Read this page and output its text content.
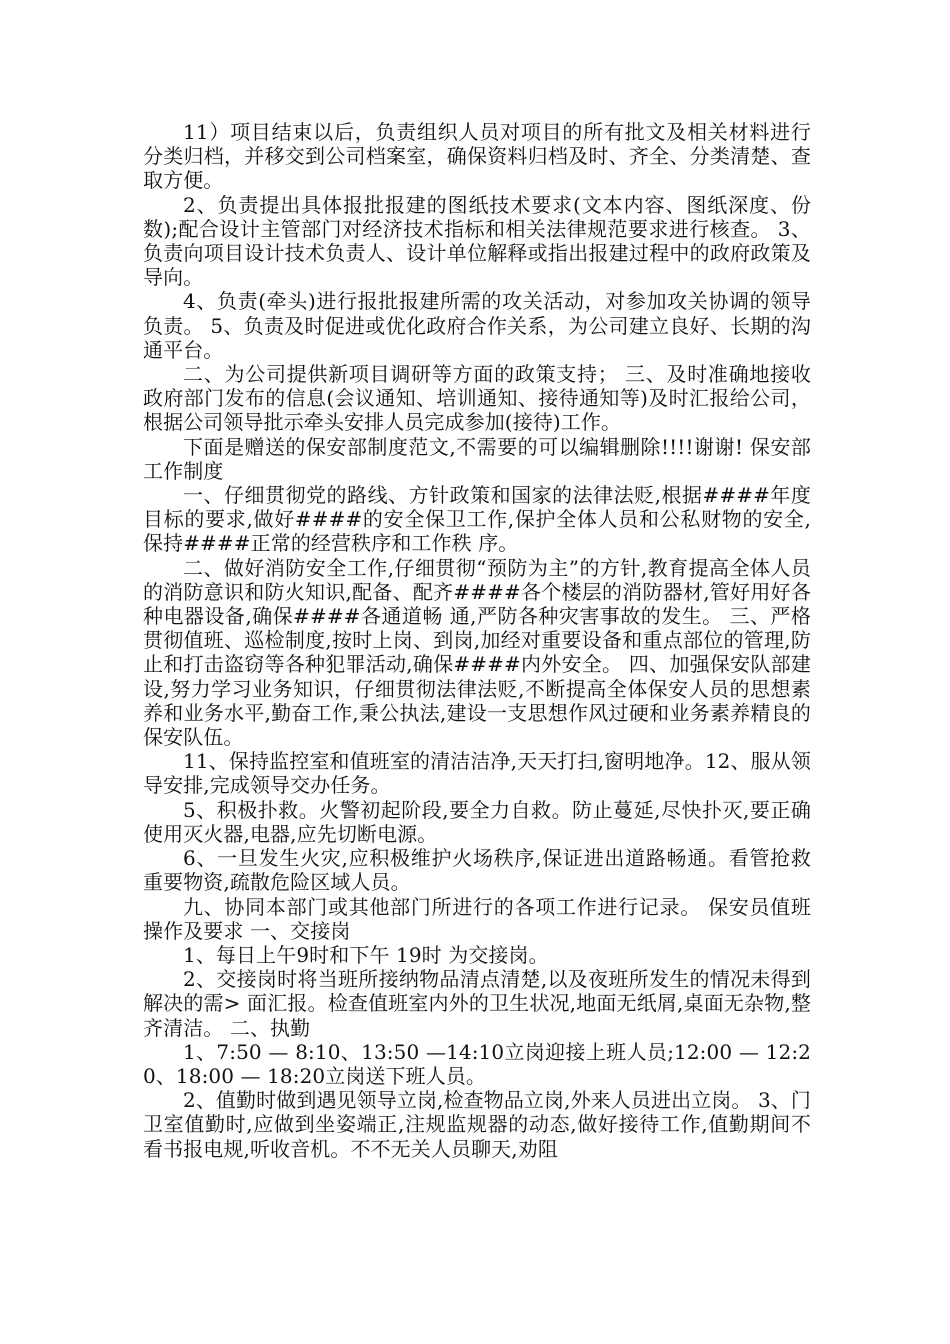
11）项目结束以后，负责组织人员对项目的所有批文及相关材料进行分类归档，并移交到公司档案室，确保资料归档及时、齐全、分类清楚、查取方便。

2、负责提出具体报批报建的图纸技术要求(文本内容、图纸深度、份数);配合设计主管部门对经济技术指标和相关法律规范要求进行核查。 3、负责向项目设计技术负责人、设计单位解释或指出报建过程中的政府政策及导向。

4、负责(牵头)进行报批报建所需的攻关活动，对参加攻关协调的领导负责。 5、负责及时促进或优化政府合作关系，为公司建立良好、长期的沟 通平台。

二、为公司提供新项目调研等方面的政策支持； 三、及时准确地接收政府部门发布的信息(会议通知、培训通知、接待通知等)及时汇报给公司，根据公司领导批示牵头安排人员完成参加(接待)工作。

下面是赠送的保安部制度范文,不需要的可以编辑删除!!!!谢谢! 保安部工作制度

一、仔细贯彻党的路线、方针政策和国家的法律法贬,根据####年度目标的要求,做好####的安全保卫工作,保护全体人员和公私财物的安全,保持####正常的经营秩序和工作秩 序。

二、做好消防安全工作,仔细贯彻“预防为主”的方针,教育提高全体人员的消防意识和防火知识,配备、配齐####各个楼层的消防器材,管好用好各种电器设备,确保####各通道畅 通,严防各种灾害事故的发生。 三、严格贯彻值班、巡检制度,按时上岗、到岗,加经对重要设备和重点部位的管理,防止和打击盗窃等各种犯罪活动,确保####内外安全。 四、加强保安队部建设,努力学习业务知识，仔细贯彻法律法贬,不断提高全体保安人员的思想素养和业务水平,勤奋工作,秉公执法,建设一支思想作风过硬和业务素养精良的保安队伍。

11、保持监控室和值班室的清洁洁净,天天打扫,窗明地净。12、服从领导安排,完成领导交办任务。

5、积极扑救。火警初起阶段,要全力自救。防止蔓延,尽快扑灭,要正确使用灭火器,电器,应先切断电源。

6、一旦发生火灾,应积极维护火场秩序,保证进出道路畅通。看管抢救重要物资,疏散危险区域人员。

九、协同本部门或其他部门所进行的各项工作进行记录。 保安员值班操作及要求 一、交接岗

1、每日上午9时和下午 19时 为交接岗。

2、交接岗时将当班所接纳物品清点清楚,以及夜班所发生的情况未得到解决的需> 面汇报。检查值班室内外的卫生状况,地面无纸屑,桌面无杂物,整齐清洁。 二、执勤

1、7:50 — 8:10、13:50 —14:10立岗迎接上班人员;12:00 — 12:20、18:00 — 18:20立岗送下班人员。

2、值勤时做到遇见领导立岗,检查物品立岗,外来人员进出立岗。 3、门卫室值勤时,应做到坐姿端正,注规监规器的动态,做好接待工作,值勤期间不看书报电规,听收音机。不不无关人员聊天,劝阻
